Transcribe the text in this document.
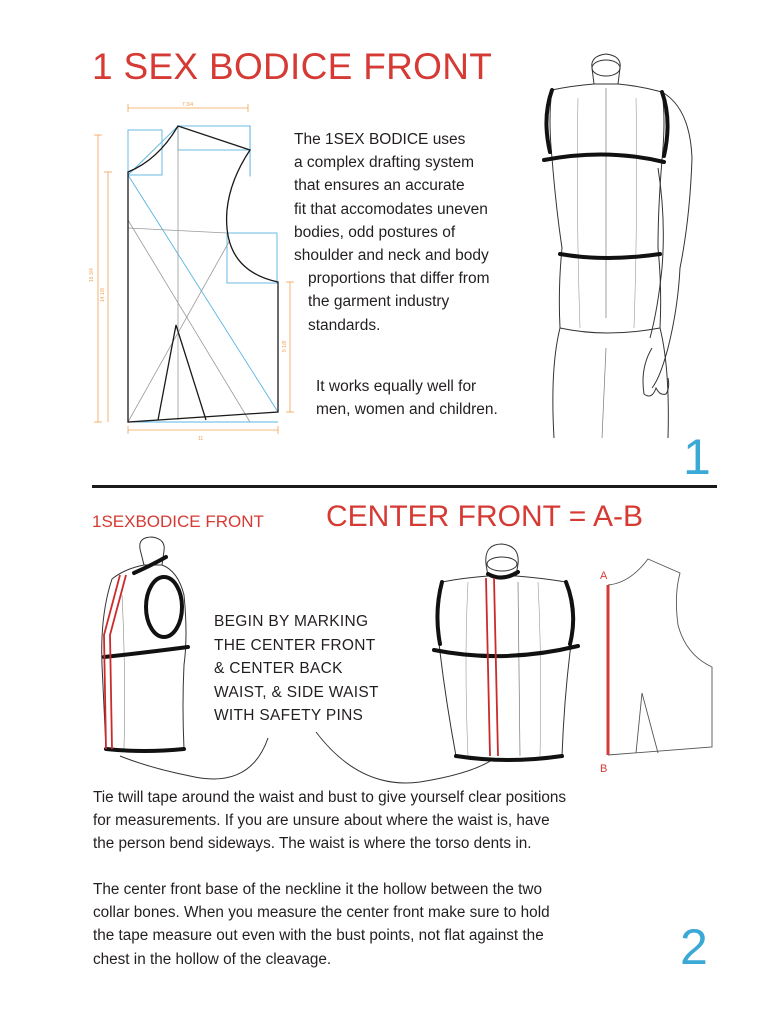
1 SEX BODICE FRONT
7 3/4
16 3/4
14 1/8
11
5 1/8
The 1SEX BODICE uses
a complex drafting system
that ensures an accurate
fit that accomodates uneven
bodies, odd postures of
shoulder and neck and body
proportions that differ from
the garment industry
standards.
It works equally well for
men, women and children.
1
1SEXBODICE FRONT CENTER FRONT = A-B
BEGIN BY MARKING
THE CENTER FRONT
& CENTER BACK
WAIST, & SIDE WAIST
WITH SAFETY PINS
A
B
Tie twill tape around the waist and bust to give yourself clear positions
for measurements. If you are unsure about where the waist is, have
the person bend sideways. The waist is where the torso dents in.
The center front base of the neckline it the hollow between the two
collar bones. When you measure the center front make sure to hold
the tape measure out even with the bust points, not flat against the
chest in the hollow of the cleavage.	2
